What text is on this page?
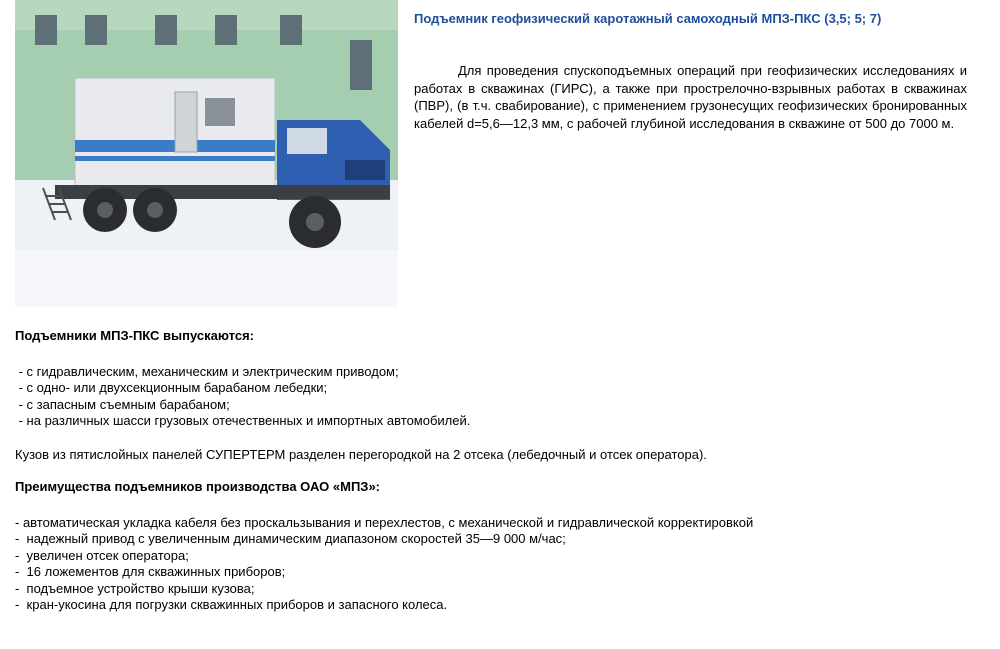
Подъемник геофизический каротажный самоходный МПЗ-ПКС (3,5; 5; 7)

Для проведения спускоподъемных операций при геофизических исследованиях и работах в скважинах (ГИРС), а также при прострелочно-взрывных работах в скважинах (ПВР), (в т.ч. свабирование), с применением грузонесущих геофизических бронированных кабелей d=5,6—12,3 мм, с рабочей глубиной исследования в скважине от 500 до 7000 м.

Подъемники МПЗ-ПКС выпускаются:
- с гидравлическим, механическим и электрическим приводом;
- с одно- или двухсекционным барабаном лебедки;
- с запасным съемным барабаном;
- на различных шасси грузовых отечественных и импортных автомобилей.

Кузов из пятислойных панелей СУПЕРТЕРМ разделен перегородкой на 2 отсека (лебедочный и отсек оператора).

Преимущества подъемников производства ОАО «МПЗ»:
- автоматическая укладка кабеля без проскальзывания и перехлестов, с механической и гидравлической корректировкой
-  надежный привод с увеличенным динамическим диапазоном скоростей 35—9 000 м/час;
-  увеличен отсек оператора;
-  16 ложементов для скважинных приборов;
-  подъемное устройство крыши кузова;
-  кран-укосина для погрузки скважинных приборов и запасного колеса.
